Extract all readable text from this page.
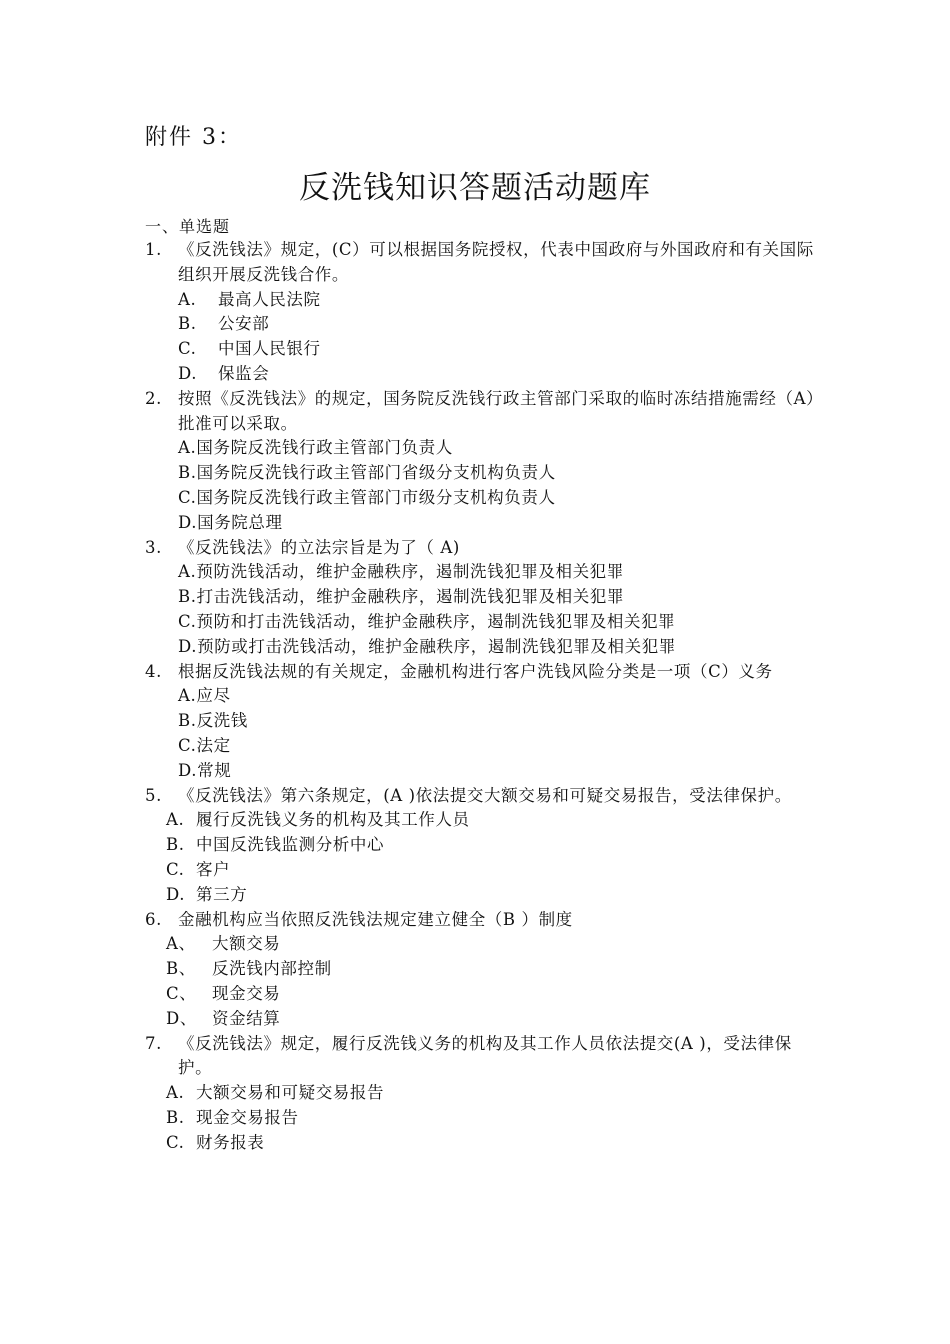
附件 3：
反洗钱知识答题活动题库
一、单选题
1. 《反洗钱法》规定，(C）可以根据国务院授权，代表中国政府与外国政府和有关国际组织开展反洗钱合作。
A. 最高人民法院
B. 公安部
C. 中国人民银行
D. 保监会
2. 按照《反洗钱法》的规定，国务院反洗钱行政主管部门采取的临时冻结措施需经（A）批准可以采取。
A.国务院反洗钱行政主管部门负责人
B.国务院反洗钱行政主管部门省级分支机构负责人
C.国务院反洗钱行政主管部门市级分支机构负责人
D.国务院总理
3. 《反洗钱法》的立法宗旨是为了（ A)
A.预防洗钱活动，维护金融秩序，遏制洗钱犯罪及相关犯罪
B.打击洗钱活动，维护金融秩序，遏制洗钱犯罪及相关犯罪
C.预防和打击洗钱活动，维护金融秩序，遏制洗钱犯罪及相关犯罪
D.预防或打击洗钱活动，维护金融秩序，遏制洗钱犯罪及相关犯罪
4. 根据反洗钱法规的有关规定，金融机构进行客户洗钱风险分类是一项（C）义务
A.应尽
B.反洗钱
C.法定
D.常规
5. 《反洗钱法》第六条规定，(A )依法提交大额交易和可疑交易报告，受法律保护。
A. 履行反洗钱义务的机构及其工作人员
B. 中国反洗钱监测分析中心
C. 客户
D. 第三方
6. 金融机构应当依照反洗钱法规定建立健全（B ）制度
A、 大额交易
B、 反洗钱内部控制
C、 现金交易
D、 资金结算
7. 《反洗钱法》规定，履行反洗钱义务的机构及其工作人员依法提交(A )，受法律保护。
A. 大额交易和可疑交易报告
B. 现金交易报告
C. 财务报表
